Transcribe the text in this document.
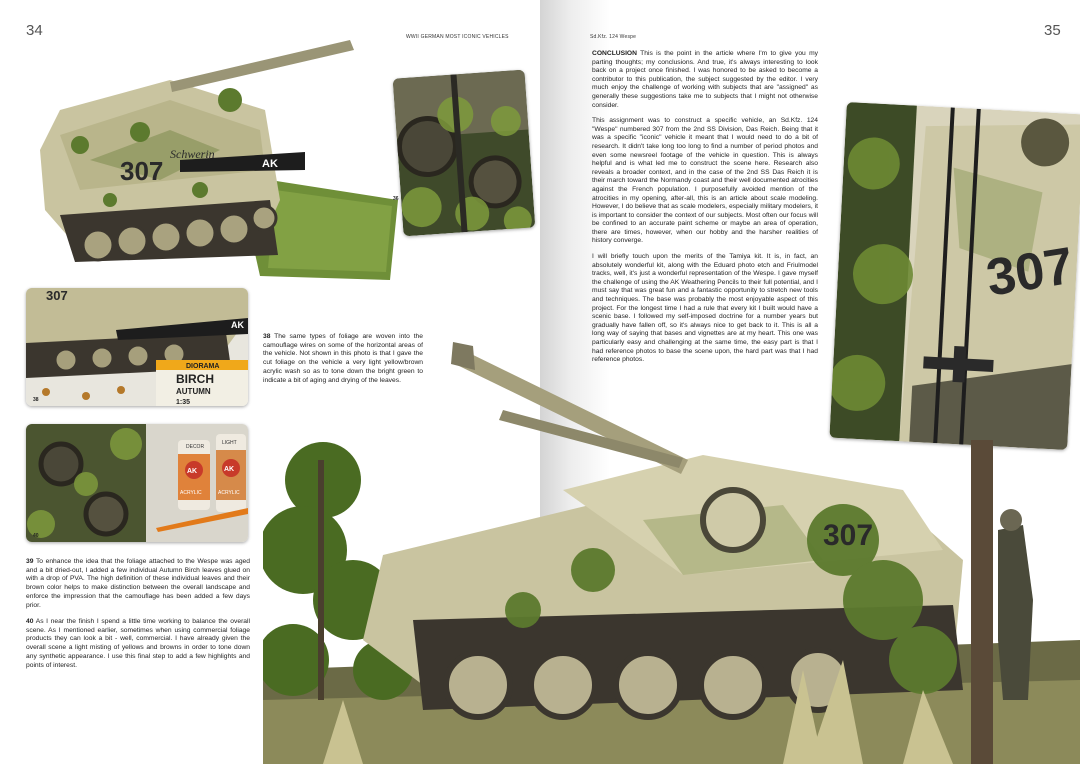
34	WWII GERMAN MOST ICONIC VEHICLES
307
Schwerin
AK
36
307
AK
DIORAMA
BIRCH
AUTUMN
1:35
38
38 The same types of foliage are woven into the camouflage wires on some of the horizontal areas of the vehicle. Not shown in this photo is that I gave the cut foliage on the vehicle a very light yellow/brown acrylic wash so as to tone down the bright green to indicate a bit of aging and drying of the leaves.
AK	AK
ACRYLIC	ACRYLIC
DECOR
LIGHT
40
39 To enhance the idea that the foliage attached to the Wespe was aged and a bit dried-out, I added a few individual Autumn Birch leaves glued on with a drop of PVA. The high definition of these individual leaves and their brown color helps to make distinction between the overall landscape and enforce the impression that the camouflage has been added a few days prior.
40 As I near the finish I spend a little time working to balance the overall scene. As I mentioned earlier, sometimes when using commercial foliage products they can look a bit - well, commercial. I have already given the overall scene a light misting of yellows and browns in order to tone down any synthetic appearance. I use this final step to add a few highlights and points of interest.
35
Sd.Kfz. 124 Wespe

CONCLUSION This is the point in the article where I'm to give you my parting thoughts; my conclusions. And true, it's always interesting to look back on a project once finished. I was honored to be asked to become a contributor to this publication, the subject suggested by the editor. I very much enjoy the challenge of working with subjects that are "assigned" as generally these suggestions take me to subjects that I might not otherwise consider.

This assignment was to construct a specific vehicle, an Sd.Kfz. 124 "Wespe" numbered 307 from the 2nd SS Division, Das Reich. Being that it was a specific "iconic" vehicle it meant that I would need to do a bit of research. It didn't take long too long to find a number of period photos and even some newsreel footage of the vehicle in question. This is always helpful and is what led me to construct the scene here. Research also reveals a broader context, and in the case of the 2nd SS Das Reich it is their march toward the Normandy coast and their well documented atrocities against the French population. I purposefully avoided mention of the atrocities in my opening, after-all, this is an article about scale modeling. However, I do believe that as scale modelers, especially military modelers, it is important to consider the context of our subjects. Most often our focus will be confined to an accurate paint scheme or maybe an area of operation, there are times, however, when our hobby and the harsher realities of history converge.

I will briefly touch upon the merits of the Tamiya kit. It is, in fact, an absolutely wonderful kit, along with the Eduard photo etch and Friulmodel tracks, well, it's just a wonderful representation of the Wespe. I gave myself the challenge of using the AK Weathering Pencils to their full potential, and I must say that was great fun and a fantastic opportunity to stretch new tools and techniques. The base was probably the most enjoyable aspect of this project. For the longest time I had a rule that every kit I built would have a scenic base. I followed my self-imposed doctrine for a number years but gradually have fallen off, so it's always nice to get back to it. This is all a long way of saying that bases and vignettes are at my heart. This one was particularly easy and challenging at the same time, the easy part is that I had reference photos to base the scene upon, the hard part was that I had reference photos.

307
307
